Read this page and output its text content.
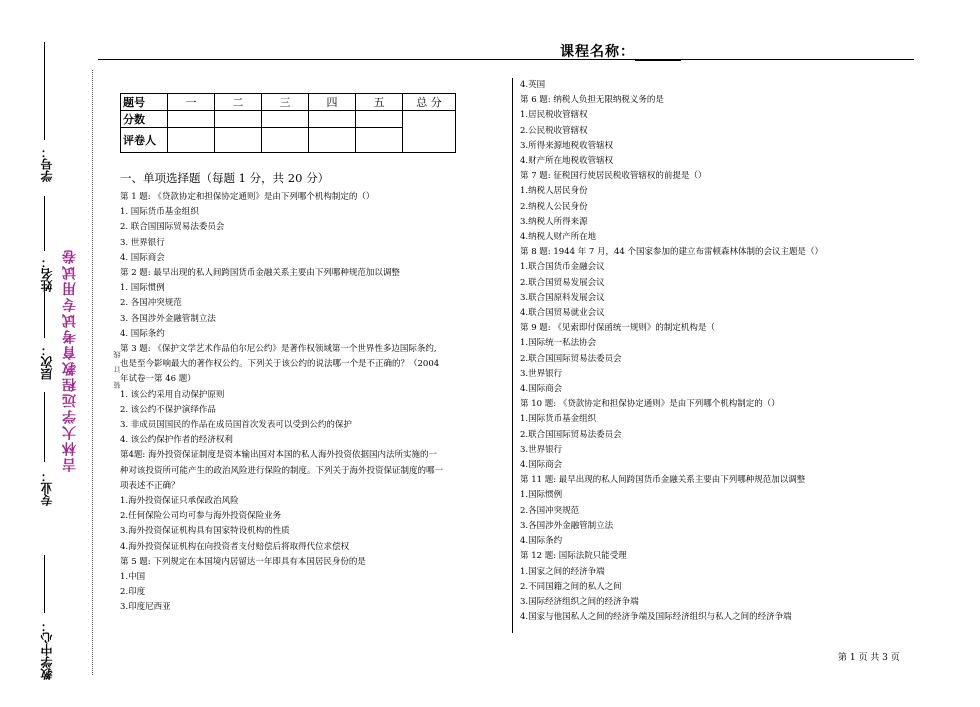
课程名称：
教学中心：
专业：
层次：
姓名：
学号：
吉林大学远程教育考试专用试卷	装 订 线
题号	一	二	三	四	五	总 分
分数						
评卷人						
一、单项选择题（每题 1 分，共 20 分）
第 1 题: 《贷款协定和担保协定通则》是由下列哪个机构制定的（）
1. 国际货币基金组织
2. 联合国国际贸易法委员会
3. 世界银行
4. 国际商会
第 2 题: 最早出现的私人间跨国货币金融关系主要由下列哪种规范加以调整
1. 国际惯例
2. 各国冲突规范
3. 各国涉外金融管制立法
4. 国际条约
第 3 题: 《保护文学艺术作品伯尔尼公约》是著作权领域第一个世界性多边国际条约,
也是至今影响最大的著作权公约。下列关于该公约的说法哪一个是不正确的？（2004
年试卷一第 46 题）
1. 该公约采用自动保护原则
2. 该公约不保护演绎作品
3. 非成员国国民的作品在成员国首次发表可以受到公约的保护
4. 该公约保护作者的经济权利
第4题: 海外投资保证制度是资本输出国对本国的私人海外投资依据国内法所实施的一
种对该投资所可能产生的政治风险进行保险的制度。下列关于海外投资保证制度的哪一
项表述不正确？
1.海外投资保证只承保政治风险
2.任何保险公司均可参与海外投资保险业务
3.海外投资保证机构具有国家特设机构的性质
4.海外投资保证机构在向投资者支付赔偿后将取得代位求偿权
第 5 题: 下列规定在本国境内居留达一年即具有本国居民身份的是
1.中国
2.印度
3.印度尼西亚
4.英国
第 6 题: 纳税人负担无限纳税义务的是
1.居民税收管辖权
2.公民税收管辖权
3.所得来源地税收管辖权
4.财产所在地税收管辖权
第 7 题: 征税国行使居民税收管辖权的前提是（）
1.纳税人居民身份
2.纳税人公民身份
3.纳税人所得来源
4.纳税人财产所在地
第 8 题: 1944 年 7 月，44 个国家参加的建立布雷顿森林体制的会议主题是（）
1.联合国货币金融会议
2.联合国贸易发展会议
3.联合国原料发展会议
4.联合国贸易就业会议
第 9 题: 《见索即付保函统一规则》的制定机构是（
1.国际统一私法协会
2.联合国国际贸易法委员会
3.世界银行
4.国际商会
第 10 题: 《贷款协定和担保协定通则》是由下列哪个机构制定的（）
1.国际货币基金组织
2.联合国国际贸易法委员会
3.世界银行
4.国际商会
第 11 题: 最早出现的私人间跨国货币金融关系主要由下列哪种规范加以调整
1.国际惯例
2.各国冲突规范
3.各国涉外金融管制立法
4.国际条约
第 12 题: 国际法院只能受理
1.国家之间的经济争端
2.不同国籍之间的私人之间
3.国际经济组织之间的经济争端
4.国家与他国私人之间的经济争端及国际经济组织与私人之间的经济争端
第 1 页 共 3 页
